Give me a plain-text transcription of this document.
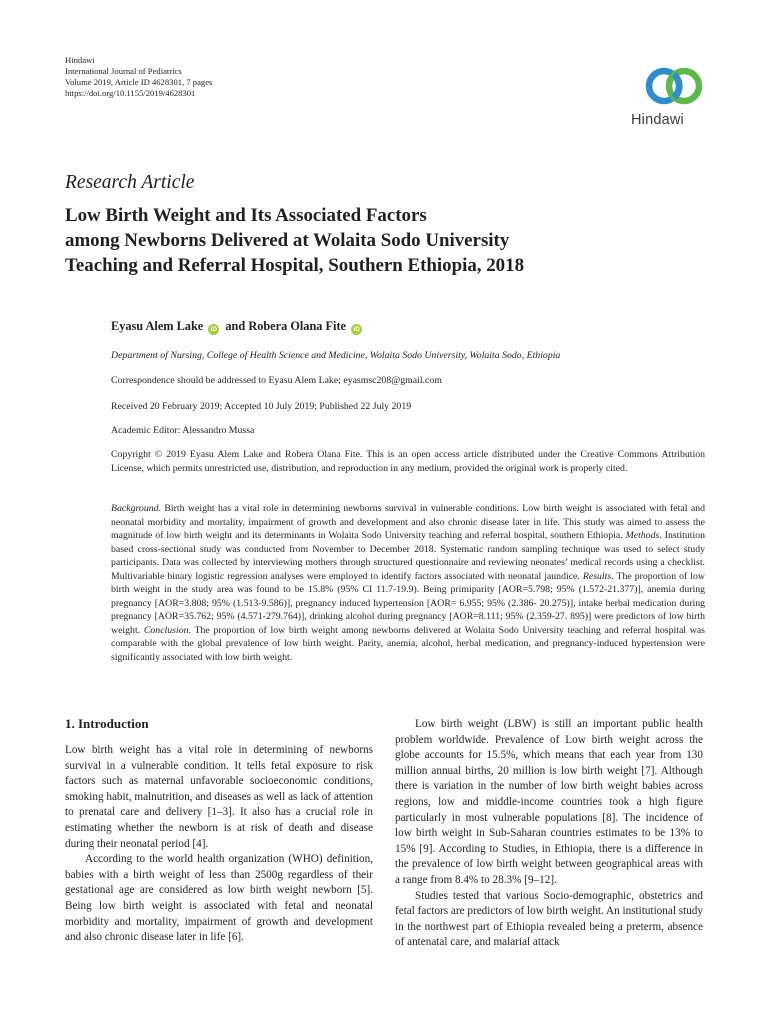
Hindawi
International Journal of Pediatrics
Volume 2019, Article ID 4628301, 7 pages
https://doi.org/10.1155/2019/4628301
Hindawi
Research Article
Low Birth Weight and Its Associated Factors
among Newborns Delivered at Wolaita Sodo University
Teaching and Referral Hospital, Southern Ethiopia, 2018
Eyasu Alem Lake iD and Robera Olana Fite iD
Department of Nursing, College of Health Science and Medicine, Wolaita Sodo University, Wolaita Sodo, Ethiopia
Correspondence should be addressed to Eyasu Alem Lake; eyasmsc208@gmail.com
Received 20 February 2019; Accepted 10 July 2019; Published 22 July 2019
Academic Editor: Alessandro Mussa
Copyright © 2019 Eyasu Alem Lake and Robera Olana Fite. This is an open access article distributed under the Creative Commons Attribution License, which permits unrestricted use, distribution, and reproduction in any medium, provided the original work is properly cited.
Background. Birth weight has a vital role in determining newborns survival in vulnerable conditions. Low birth weight is associated with fetal and neonatal morbidity and mortality, impairment of growth and development and also chronic disease later in life. This study was aimed to assess the magnitude of low birth weight and its determinants in Wolaita Sodo University teaching and referral hospital, southern Ethiopia. Methods. Institution based cross-sectional study was conducted from November to December 2018. Systematic random sampling technique was used to select study participants. Data was collected by interviewing mothers through structured questionnaire and reviewing neonates’ medical records using a checklist. Multivariable binary logistic regression analyses were employed to identify factors associated with neonatal jaundice. Results. The proportion of low birth weight in the study area was found to be 15.8% (95% CI 11.7-19.9). Being primiparity [AOR=5.798; 95% (1.572-21.377)], anemia during pregnancy [AOR=3.808; 95% (1.513-9.586)], pregnancy induced hypertension [AOR= 6.955; 95% (2.386- 20.275)], intake herbal medication during pregnancy [AOR=35.762; 95% (4.571-279.764)], drinking alcohol during pregnancy [AOR=8.111; 95% (2.359-27. 895)] were predictors of low birth weight. Conclusion. The proportion of low birth weight among newborns delivered at Wolaita Sodo University teaching and referral hospital was comparable with the global prevalence of low birth weight. Parity, anemia, alcohol, herbal medication, and pregnancy-induced hypertension were significantly associated with low birth weight.
1. Introduction

Low birth weight has a vital role in determining of newborns survival in a vulnerable condition. It tells fetal exposure to risk factors such as maternal unfavorable socioeconomic conditions, smoking habit, malnutrition, and diseases as well as lack of attention to prenatal care and delivery [1–3]. It also has a crucial role in estimating whether the newborn is at risk of death and disease during their neonatal period [4].

According to the world health organization (WHO) definition, babies with a birth weight of less than 2500g regardless of their gestational age are considered as low birth weight newborn [5]. Being low birth weight is associated with fetal and neonatal morbidity and mortality, impairment of growth and development and also chronic disease later in life [6].

Low birth weight (LBW) is still an important public health problem worldwide. Prevalence of Low birth weight across the globe accounts for 15.5%, which means that each year from 130 million annual births, 20 million is low birth weight [7]. Although there is variation in the number of low birth weight babies across regions, low and middle-income countries took a high figure particularly in most vulnerable populations [8]. The incidence of low birth weight in Sub-Saharan countries estimates to be 13% to 15% [9]. According to Studies, in Ethiopia, there is a difference in the prevalence of low birth weight between geographical areas with a range from 8.4% to 28.3% [9–12].

Studies tested that various Socio-demographic, obstetrics and fetal factors are predictors of low birth weight. An institutional study in the northwest part of Ethiopia revealed being a preterm, absence of antenatal care, and malarial attack
